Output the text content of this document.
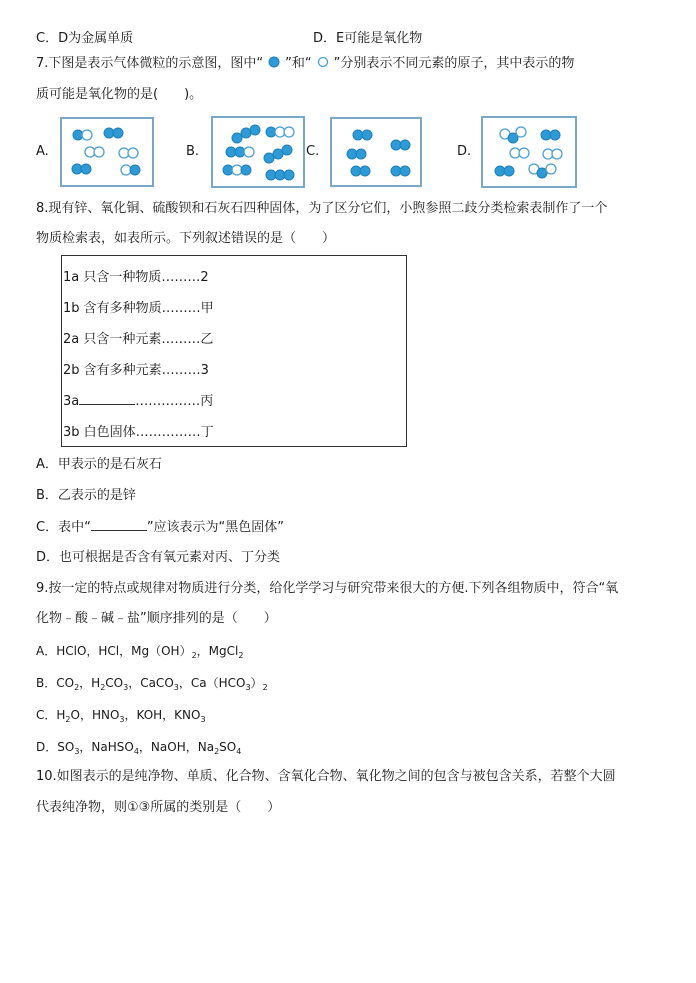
C．D为金属单质	D．E可能是氧化物
7.下图是表示气体微粒的示意图，图中“ ”和“ ”分别表示不同元素的原子，其中表示的物
质可能是氧化物的是(　　)。
A.	B.	C.	D.
8.现有锌、氧化铜、硫酸钡和石灰石四种固体，为了区分它们，小煦参照二歧分类检索表制作了一个
物质检索表，如表所示。下列叙述错误的是（　　）
1a 只含一种物质………2
1b 含有多种物质………甲
2a 只含一种元素………乙
2b 含有多种元素………3
3a	……………丙
3b 白色固体……………丁
A．甲表示的是石灰石
B．乙表示的是锌
C．表中“	”应该表示为“黑色固体”
D．也可根据是否含有氧元素对丙、丁分类
9.按一定的特点或规律对物质进行分类，给化学学习与研究带来很大的方便.下列各组物质中，符合“氧
化物﹣酸﹣碱﹣盐”顺序排列的是（　　）
A．HClO，HCl，$Mg(OH)_2$，MgCl$_2$
B．$CO_2$，$H_2CO_3$，CaCO$_3$，$Ca(HCO_3)_2$
C．$H_2O$，$HNO_3$，KOH，$KNO_3$
D．$SO_3$，NaHSO$_4$，NaOH，$Na_2SO_4$
10.如图表示的是纯净物、单质、化合物、含氧化合物、氧化物之间的包含与被包含关系，若整个大圆
代表纯净物，则①③所属的类别是（　　）
